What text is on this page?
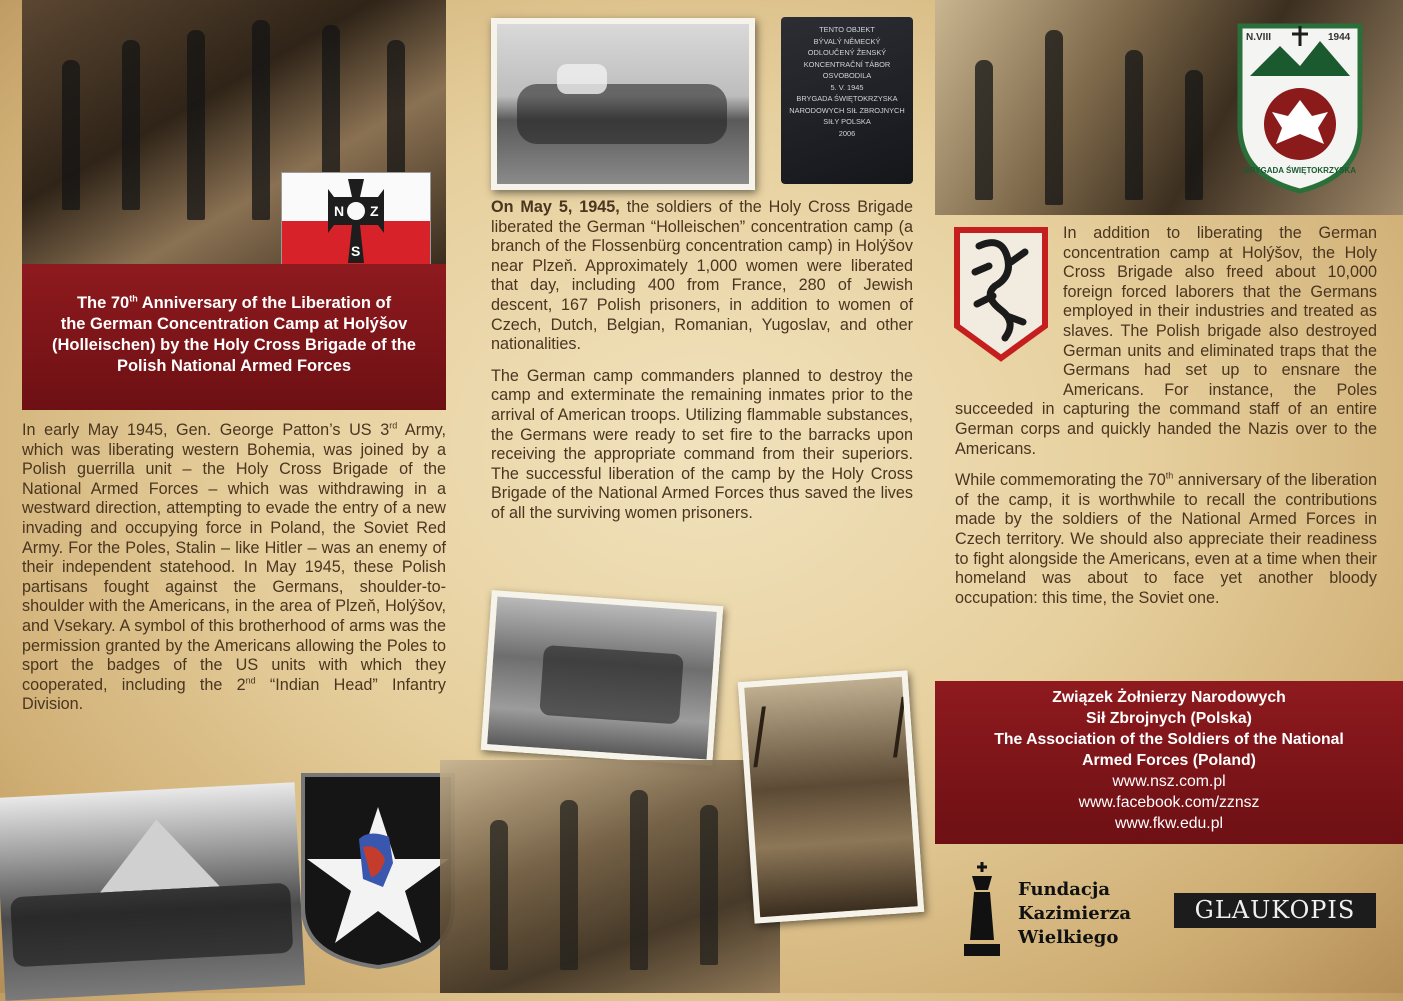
N Z
S
The 70th Anniversary of the Liberation of
the German Concentration Camp at Holýšov
(Holleischen) by the Holy Cross Brigade of the
Polish National Armed Forces

In early May 1945, Gen. George Patton’s US 3rd Army, which was liberating western Bohemia, was joined by a Polish guerrilla unit – the Holy Cross Brigade of the National Armed Forces – which was withdrawing in a westward direction, attempting to evade the entry of a new invading and occupying force in Poland, the Soviet Red Army. For the Poles, Stalin – like Hitler – was an enemy of their independent statehood. In May 1945, these Polish partisans fought against the Germans, shoulder-to-shoulder with the Americans, in the area of Plzeň, Holýšov, and Vsekary. A symbol of this brotherhood of arms was the permission granted by the Americans allowing the Poles to sport the badges of the US units with which they cooperated, including the 2nd “Indian Head” Infantry Division.

TENTO OBJEKT
BÝVALÝ NĚMECKÝ
ODLOUČENÝ ŽENSKÝ
KONCENTRAČNÍ TÁBOR
OSVOBODILA
5. V. 1945
BRYGADA ŚWIĘTOKRZYSKA
NARODOWYCH SIŁ ZBROJNYCH
SIŁY POLSKA
2006

On May 5, 1945, the soldiers of the Holy Cross Brigade liberated the German “Holleischen” concentration camp (a branch of the Flossenbürg concentration camp) in Holýšov near Plzeň. Approximately 1,000 women were liberated that day, including 400 from France, 280 of Jewish descent, 167 Polish prisoners, in addition to women of Czech, Dutch, Belgian, Romanian, Yugoslav, and other nationalities.

The German camp commanders planned to destroy the camp and exterminate the remaining inmates prior to the arrival of American troops. Utilizing flammable substances, the Germans were ready to set fire to the barracks upon receiving the appropriate command from their superiors. The successful liberation of the camp by the Holy Cross Brigade of the National Armed Forces thus saved the lives of all the surviving women prisoners.

N.VIII	1944
BRYGADA ŚWIĘTOKRZYSKA

In addition to liberating the German concentration camp at Holýšov, the Holy Cross Brigade also freed about 10,000 foreign forced laborers that the Germans employed in their industries and treated as slaves. The Polish brigade also destroyed German units and eliminated traps that the Germans had set up to ensnare the Americans. For instance, the Poles succeeded in capturing the command staff of an entire German corps and quickly handed the Nazis over to the Americans.

While commemorating the 70th anniversary of the liberation of the camp, it is worthwhile to recall the contributions made by the soldiers of the National Armed Forces in Czech territory. We should also appreciate their readiness to fight alongside the Americans, even at a time when their homeland was about to face yet another bloody occupation: this time, the Soviet one.

Związek Żołnierzy Narodowych
Sił Zbrojnych (Polska)
The Association of the Soldiers of the National
Armed Forces (Poland)
www.nsz.com.pl
www.facebook.com/zznsz
www.fkw.edu.pl
Fundacja
Kazimierza
Wielkiego
GLAUKOPIS
